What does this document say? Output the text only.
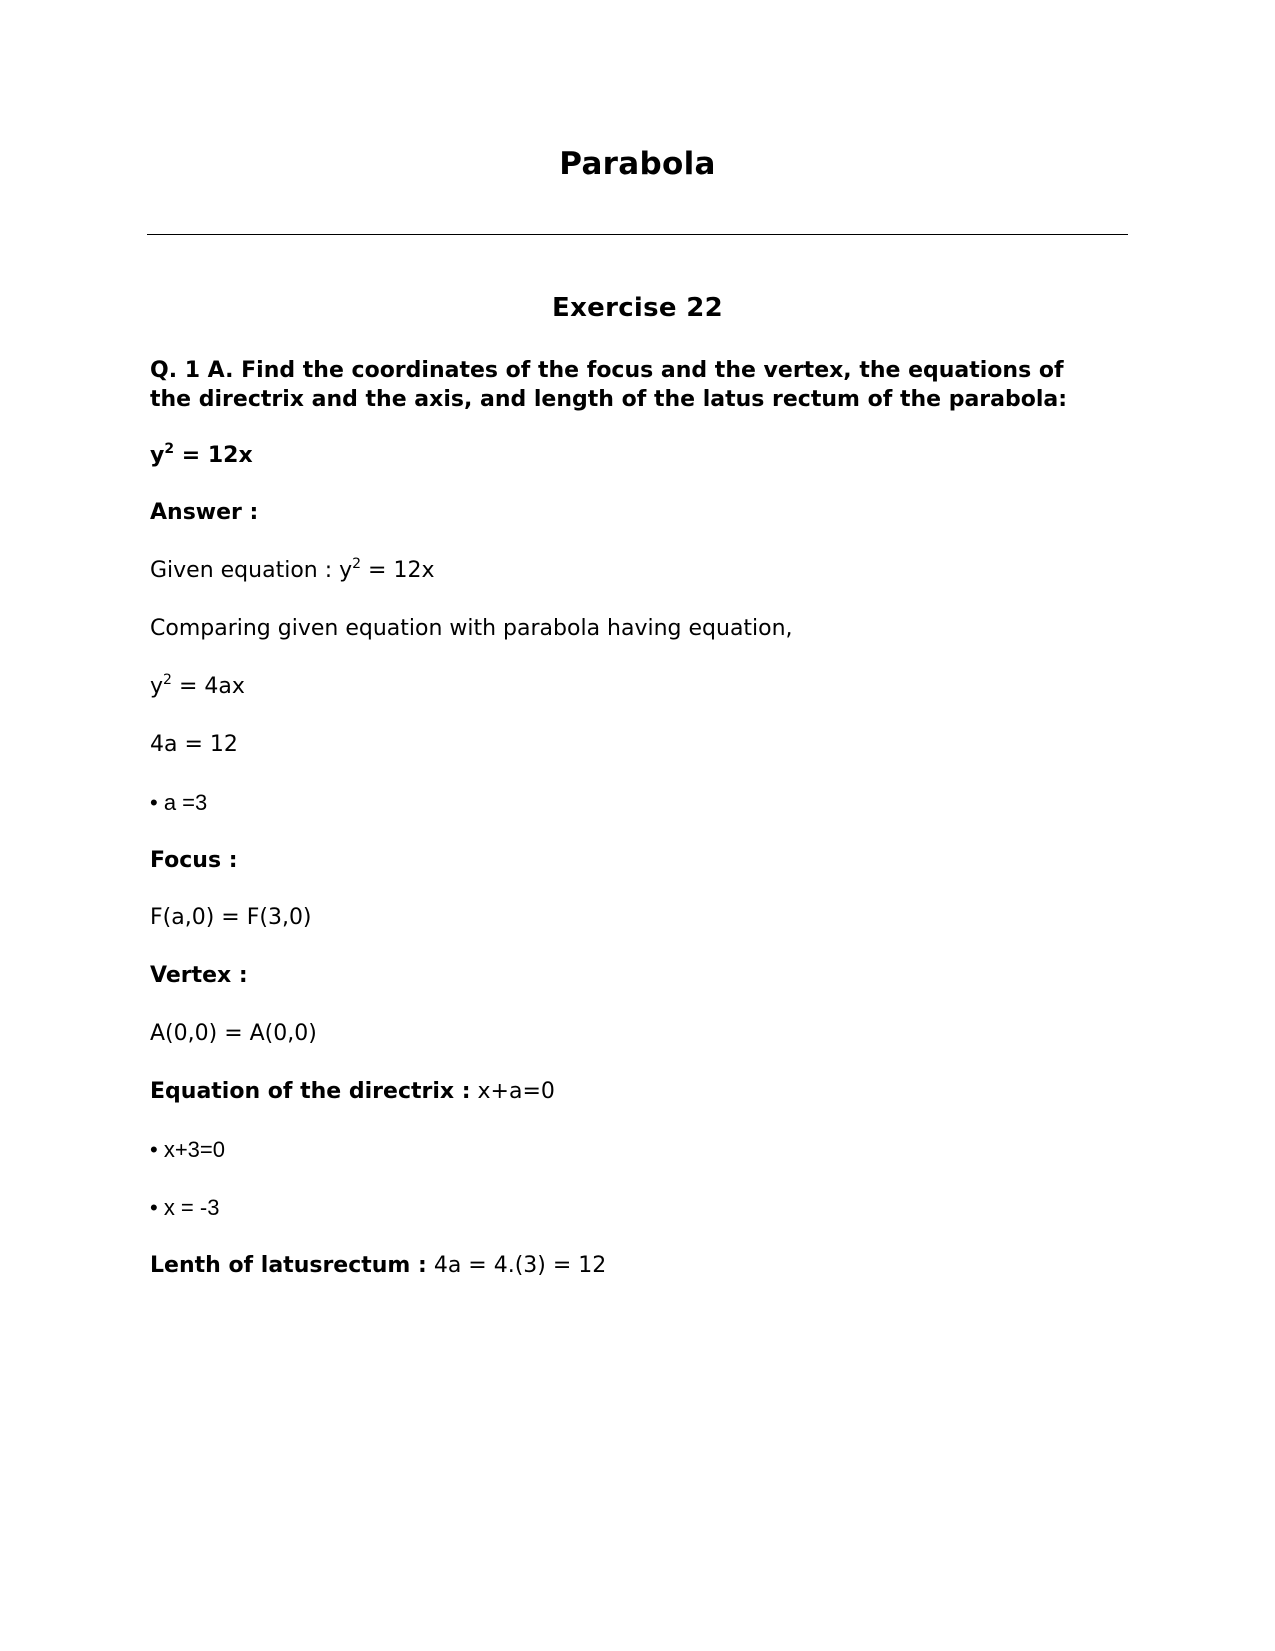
Parabola
Exercise 22
Q. 1 A. Find the coordinates of the focus and the vertex, the equations of the directrix and the axis, and length of the latus rectum of the parabola:
$y^2 = 12x$
Answer :
Given equation : $y^2 = 12x$
Comparing given equation with parabola having equation,
$y^2 = 4ax$
4a = 12
• a =3
Focus :
F(a,0) = F(3,0)
Vertex :
A(0,0) = A(0,0)
Equation of the directrix : x+a=0
• x+3=0
• x = -3
Lenth of latusrectum : 4a = 4.(3) = 12
